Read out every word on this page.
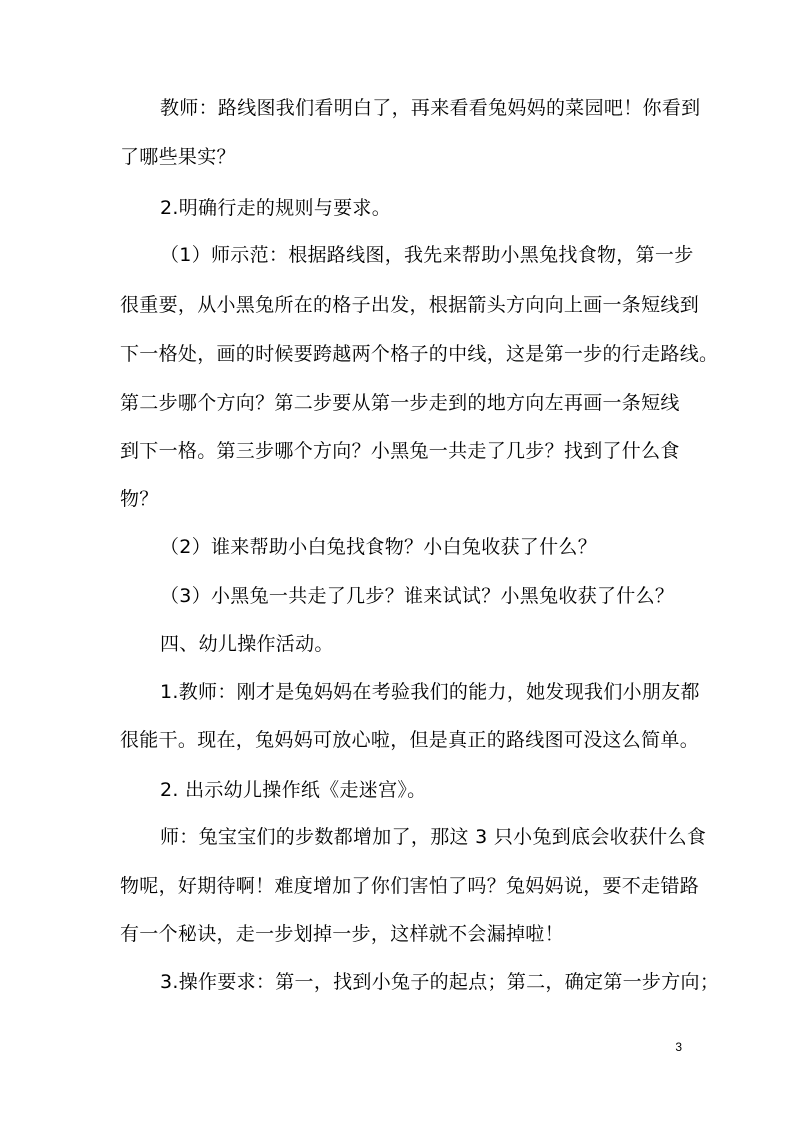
教师：路线图我们看明白了，再来看看兔妈妈的菜园吧！你看到
了哪些果实？
2.明确行走的规则与要求。
（1）师示范：根据路线图，我先来帮助小黑兔找食物，第一步
很重要，从小黑兔所在的格子出发，根据箭头方向向上画一条短线到
下一格处，画的时候要跨越两个格子的中线，这是第一步的行走路线。
第二步哪个方向？第二步要从第一步走到的地方向左再画一条短线
到下一格。第三步哪个方向？小黑兔一共走了几步？找到了什么食
物？
（2）谁来帮助小白兔找食物？小白兔收获了什么？
（3）小黑兔一共走了几步？谁来试试？小黑兔收获了什么？
四、幼儿操作活动。
1.教师：刚才是兔妈妈在考验我们的能力，她发现我们小朋友都
很能干。现在，兔妈妈可放心啦，但是真正的路线图可没这么简单。
2. 出示幼儿操作纸《走迷宫》。
师：兔宝宝们的步数都增加了，那这 3 只小兔到底会收获什么食
物呢，好期待啊！难度增加了你们害怕了吗？兔妈妈说，要不走错路
有一个秘诀，走一步划掉一步，这样就不会漏掉啦！
3.操作要求：第一，找到小兔子的起点；第二，确定第一步方向；
3
